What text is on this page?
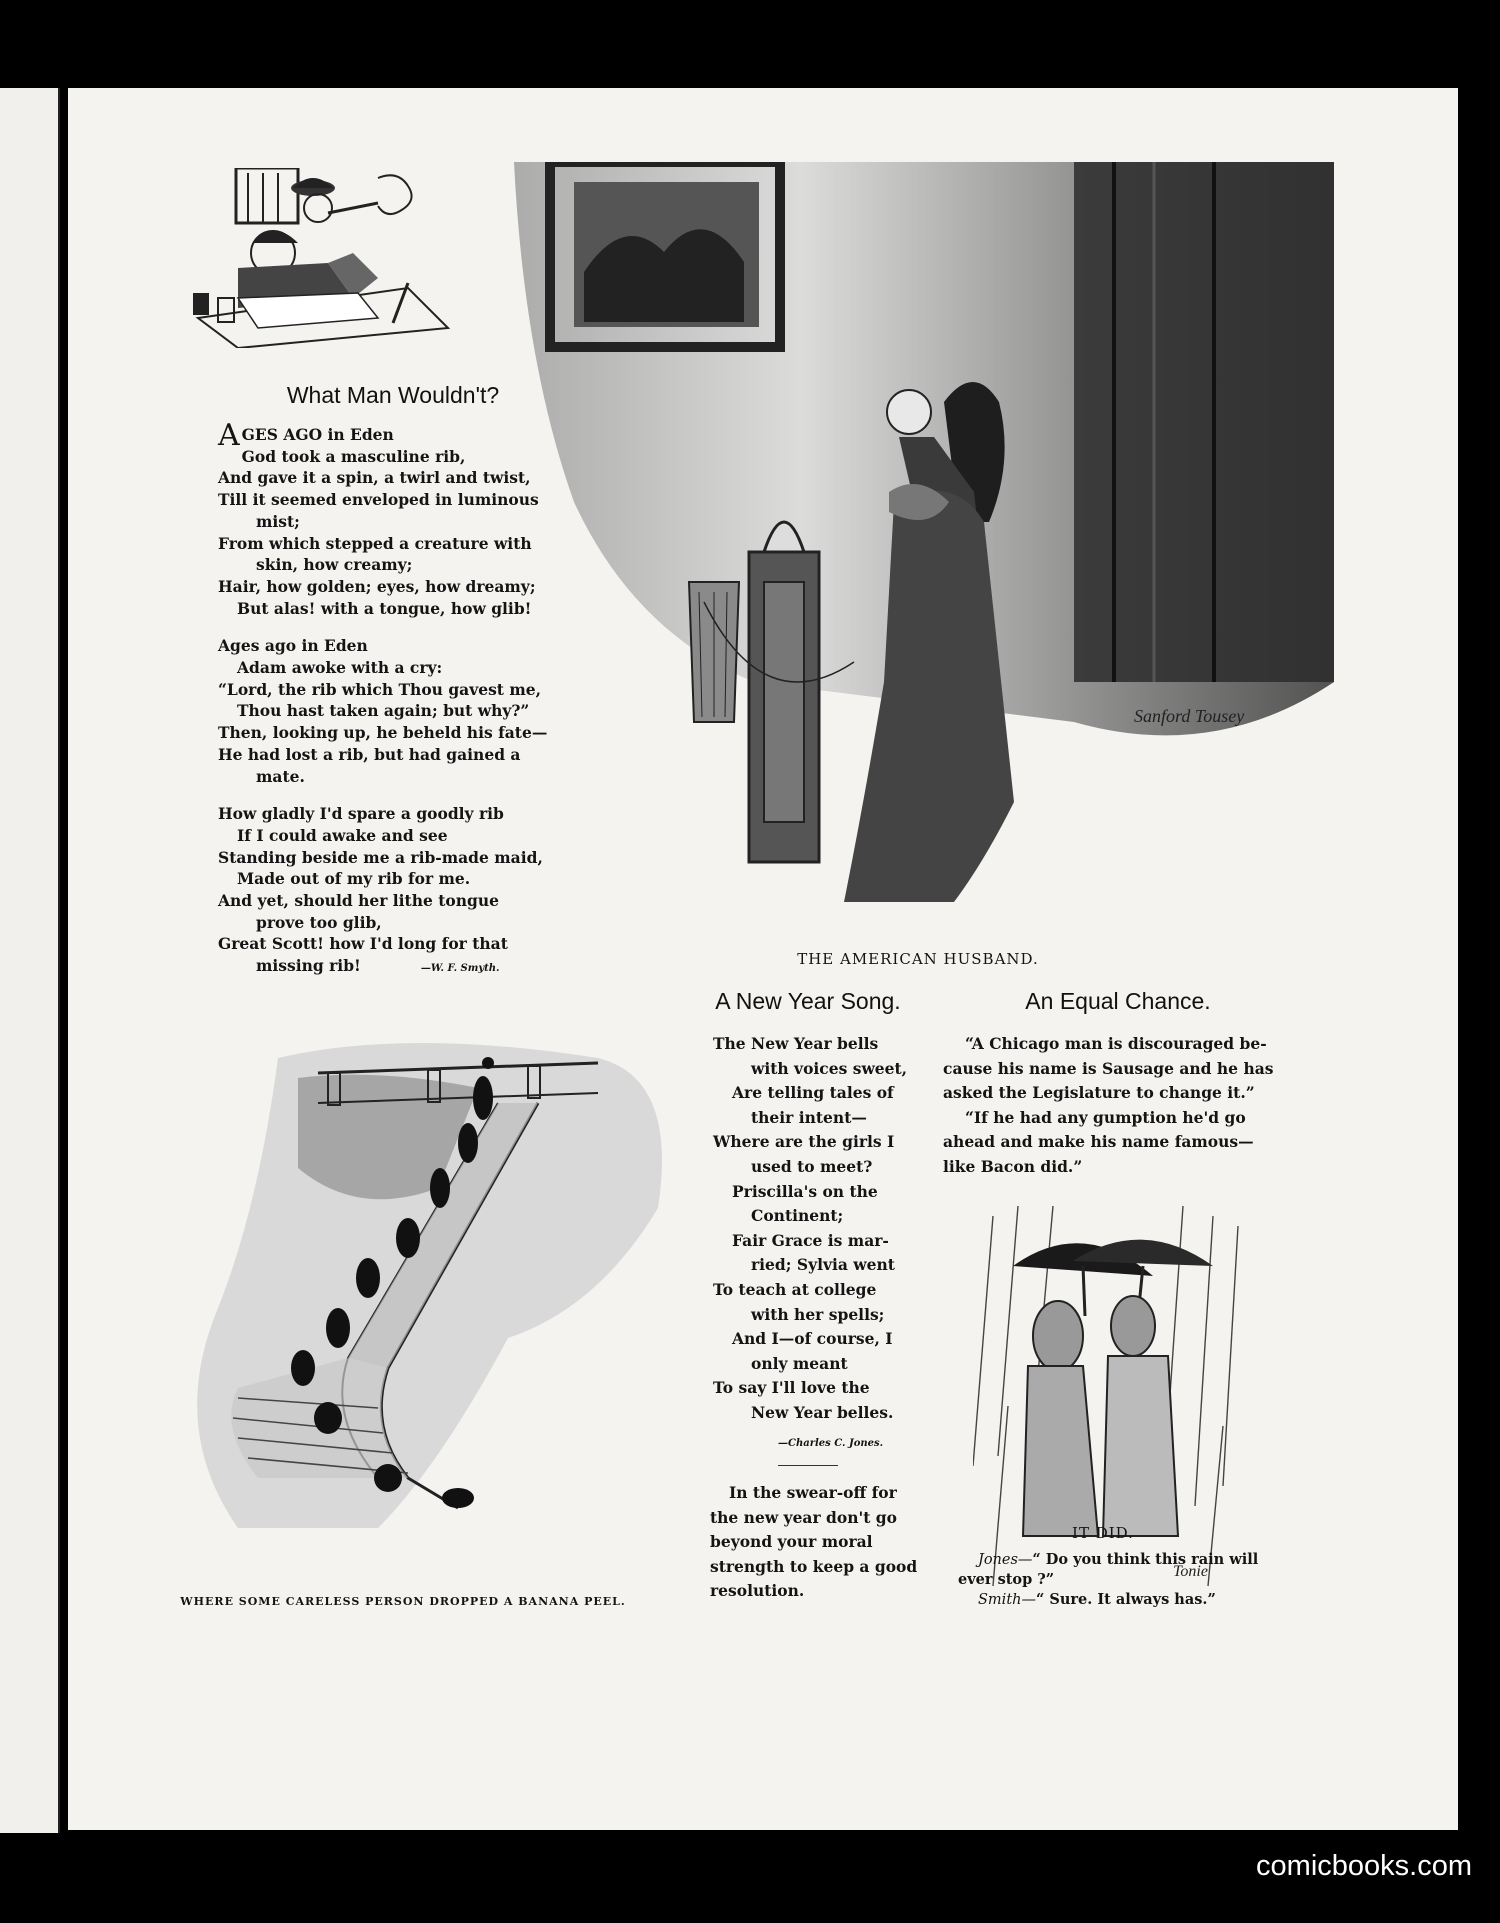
Sanford Tousey
What Man Wouldn't?

AGES AGO in Eden

God took a masculine rib,

And gave it a spin, a twirl and twist,

Till it seemed enveloped in luminous

mist;

From which stepped a creature with

skin, how creamy;

Hair, how golden; eyes, how dreamy;

But alas! with a tongue, how glib!

Ages ago in Eden

Adam awoke with a cry:

“Lord, the rib which Thou gavest me,

Thou hast taken again; but why?”

Then, looking up, he beheld his fate—

He had lost a rib, but had gained a

mate.

How gladly I'd spare a goodly rib

If I could awake and see

Standing beside me a rib-made maid,

Made out of my rib for me.

And yet, should her lithe tongue

prove too glib,

Great Scott! how I'd long for that

missing rib!	—W. F. Smyth.

THE AMERICAN HUSBAND.
WHERE SOME CARELESS PERSON DROPPED A BANANA PEEL.
A New Year Song.

The New Year bells

with voices sweet,

Are telling tales of

their intent—

Where are the girls I

used to meet?

Priscilla's on the

Continent;

Fair Grace is mar-

ried; Sylvia went

To teach at college

with her spells;

And I—of course, I

only meant

To say I'll love the

New Year belles.

—Charles C. Jones.

In the swear-off for

the new year don't go

beyond your moral

strength to keep a good

resolution.

An Equal Chance.

“A Chicago man is discouraged be- cause his name is Sausage and he has asked the Legislature to change it.”

“If he had any gumption he'd go ahead and make his name famous— like Bacon did.”

Tonie
IT DID.

Jones—“ Do you think this rain will ever stop ?”

Smith—“ Sure. It always has.”

comicbooks.com
